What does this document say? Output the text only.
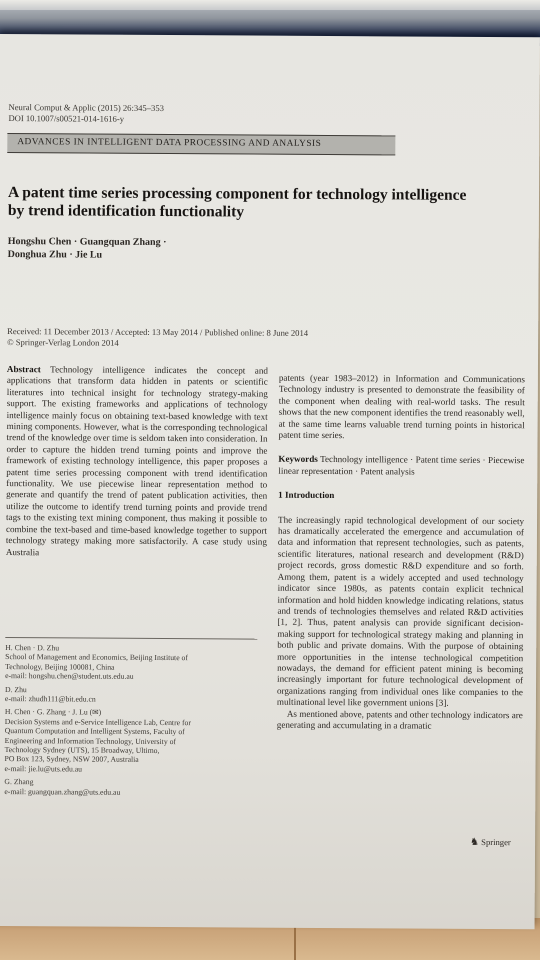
Neural Comput & Applic (2015) 26:345–353
DOI 10.1007/s00521-014-1616-y
ADVANCES IN INTELLIGENT DATA PROCESSING AND ANALYSIS
A patent time series processing component for technology intelligence by trend identification functionality
Hongshu Chen · Guangquan Zhang ·
Donghua Zhu · Jie Lu
Received: 11 December 2013 / Accepted: 13 May 2014 / Published online: 8 June 2014
© Springer-Verlag London 2014

Abstract Technology intelligence indicates the concept and applications that transform data hidden in patents or scientific literatures into technical insight for technology strategy-making support. The existing frameworks and applications of technology intelligence mainly focus on obtaining text-based knowledge with text mining components. However, what is the corresponding technological trend of the knowledge over time is seldom taken into consideration. In order to capture the hidden trend turning points and improve the framework of existing technology intelligence, this paper proposes a patent time series processing component with trend identification functionality. We use piecewise linear representation method to generate and quantify the trend of patent publication activities, then utilize the outcome to identify trend turning points and provide trend tags to the existing text mining component, thus making it possible to combine the text-based and time-based knowledge together to support technology strategy making more satisfactorily. A case study using Australia

H. Chen · D. Zhu
School of Management and Economics, Beijing Institute of
Technology, Beijing 100081, China
e-mail: hongshu.chen@student.uts.edu.au
D. Zhu
e-mail: zhudh111@bit.edu.cn
H. Chen · G. Zhang · J. Lu (✉)
Decision Systems and e-Service Intelligence Lab, Centre for
Quantum Computation and Intelligent Systems, Faculty of
Engineering and Information Technology, University of
Technology Sydney (UTS), 15 Broadway, Ultimo,
PO Box 123, Sydney, NSW 2007, Australia
e-mail: jie.lu@uts.edu.au
G. Zhang
e-mail: guangquan.zhang@uts.edu.au

patents (year 1983–2012) in Information and Communications Technology industry is presented to demonstrate the feasibility of the component when dealing with real-world tasks. The result shows that the new component identifies the trend reasonably well, at the same time learns valuable trend turning points in historical patent time series.

Keywords Technology intelligence · Patent time series · Piecewise linear representation · Patent analysis

1 Introduction

The increasingly rapid technological development of our society has dramatically accelerated the emergence and accumulation of data and information that represent technologies, such as patents, scientific literatures, national research and development (R&D) project records, gross domestic R&D expenditure and so forth. Among them, patent is a widely accepted and used technology indicator since 1980s, as patents contain explicit technical information and hold hidden knowledge indicating relations, status and trends of technologies themselves and related R&D activities [1, 2]. Thus, patent analysis can provide significant decision-making support for technological strategy making and planning in both public and private domains. With the purpose of obtaining more opportunities in the intense technological competition nowadays, the demand for efficient patent mining is becoming increasingly important for future technological development of organizations ranging from individual ones like companies to the multinational level like government unions [3].

As mentioned above, patents and other technology indicators are generating and accumulating in a dramatic

♞ Springer
